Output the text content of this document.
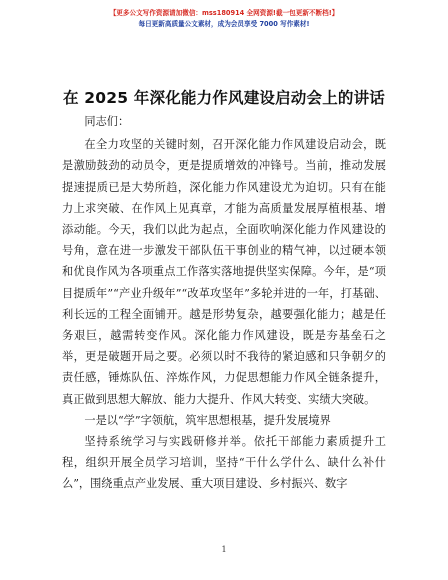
【更多公文写作资源请加微信：mss180914 全网资源!截一包更新不断档!】
每日更新高质量公文素材，成为会员享受 7000 写作素材!
在 2025 年深化能力作风建设启动会上的讲话

同志们：

在全力攻坚的关键时刻，召开深化能力作风建设启动会，既是激励鼓劲的动员令，更是提质增效的冲锋号。当前，推动发展提速提质已是大势所趋，深化能力作风建设尤为迫切。只有在能力上求突破、在作风上见真章，才能为高质量发展厚植根基、增添动能。今天，我们以此为起点，全面吹响深化能力作风建设的号角，意在进一步激发干部队伍干事创业的精气神，以过硬本领和优良作风为各项重点工作落实落地提供坚实保障。今年，是“项目提质年”“产业升级年”“改革攻坚年”多轮并进的一年，打基础、利长远的工程全面铺开。越是形势复杂，越要强化能力；越是任务艰巨，越需转变作风。深化能力作风建设，既是夯基垒石之举，更是破题开局之要。必须以时不我待的紧迫感和只争朝夕的责任感，锤炼队伍、淬炼作风，力促思想能力作风全链条提升，真正做到思想大解放、能力大提升、作风大转变、实绩大突破。

一是以“学”字领航，筑牢思想根基，提升发展境界

坚持系统学习与实践研修并举。依托干部能力素质提升工程，组织开展全员学习培训，坚持“干什么学什么、缺什么补什么”，围绕重点产业发展、重大项目建设、乡村振兴、数字

1
